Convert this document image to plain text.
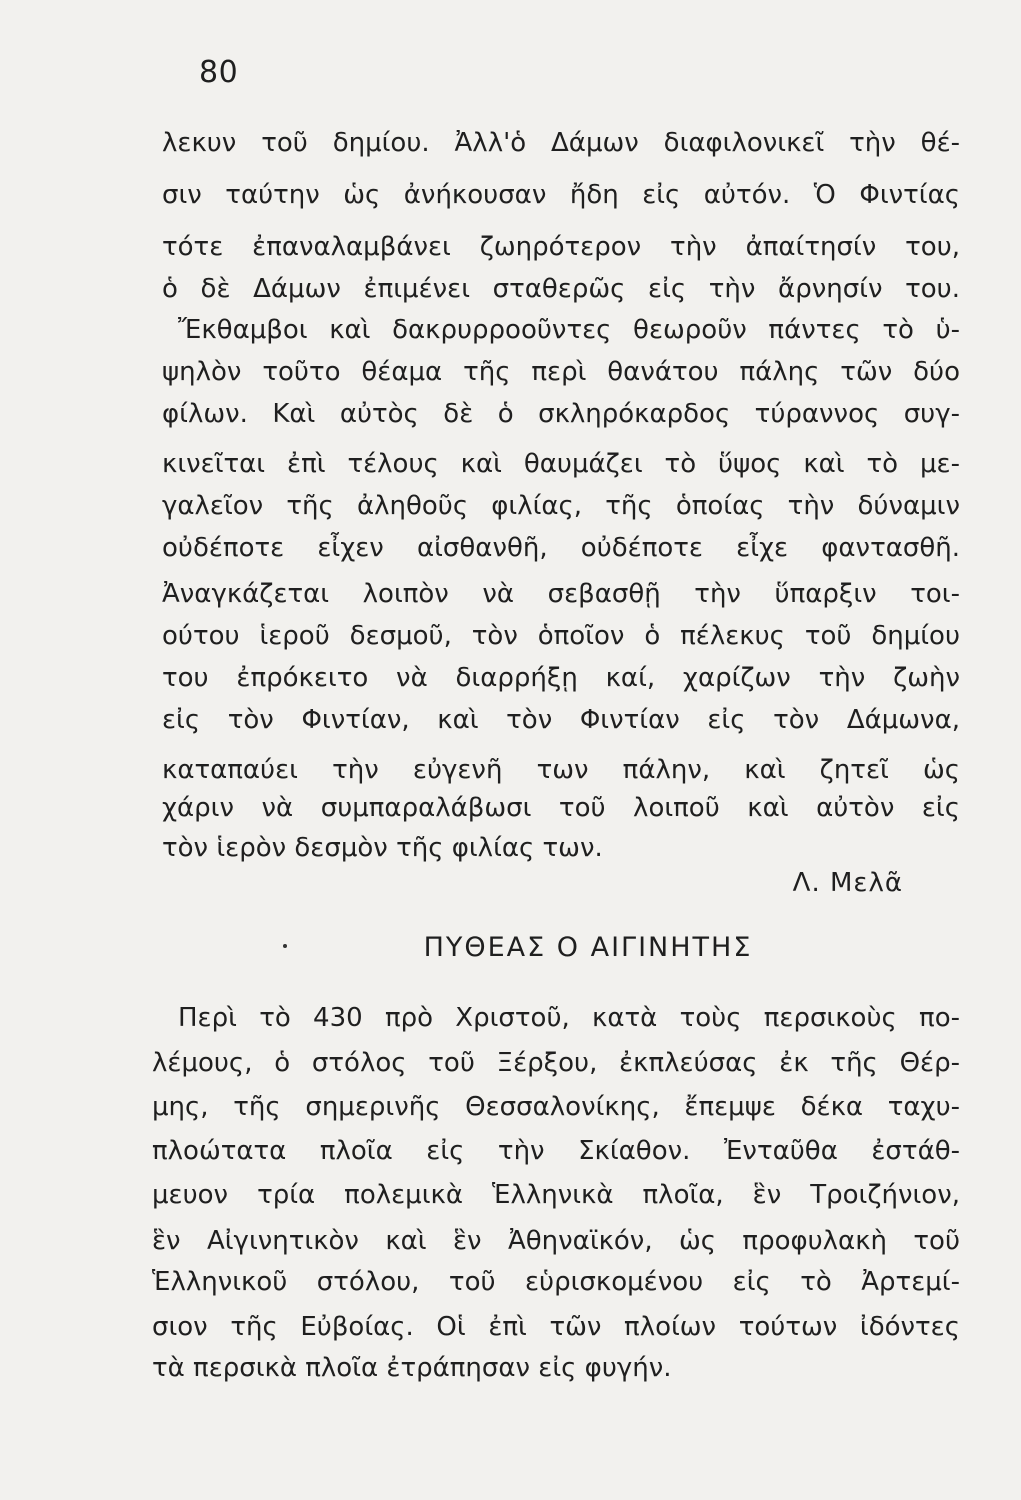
80
λεκυν τοῦ δημίου. Ἀλλ'ὁ Δάμων διαφιλονικεῖ τὴν θέ-
σιν ταύτην ὡς ἀνήκουσαν ἤδη εἰς αὐτόν. Ὁ Φιντίας
τότε ἐπαναλαμβάνει ζωηρότερον τὴν ἀπαίτησίν του,
ὁ δὲ Δάμων ἐπιμένει σταθερῶς εἰς τὴν ἄρνησίν του.
Ἔκθαμβοι καὶ δακρυρροοῦντες θεωροῦν πάντες τὸ ὑ-
ψηλὸν τοῦτο θέαμα τῆς περὶ θανάτου πάλης τῶν δύο
φίλων. Καὶ αὐτὸς δὲ ὁ σκληρόκαρδος τύραννος συγ-
κινεῖται ἐπὶ τέλους καὶ θαυμάζει τὸ ὕψος καὶ τὸ με-
γαλεῖον τῆς ἀληθοῦς φιλίας, τῆς ὁποίας τὴν δύναμιν
οὐδέποτε εἶχεν αἰσθανθῆ, οὐδέποτε εἶχε φαντασθῆ.
Ἀναγκάζεται λοιπὸν νὰ σεβασθῇ τὴν ὕπαρξιν τοι-
ούτου ἱεροῦ δεσμοῦ, τὸν ὁποῖον ὁ πέλεκυς τοῦ δημίου
του ἐπρόκειτο νὰ διαρρήξῃ καί, χαρίζων τὴν ζωὴν
εἰς τὸν Φιντίαν, καὶ τὸν Φιντίαν εἰς τὸν Δάμωνα,
καταπαύει τὴν εὐγενῆ των πάλην, καὶ ζητεῖ ὡς
χάριν νὰ συμπαραλάβωσι τοῦ λοιποῦ καὶ αὐτὸν εἰς
τὸν ἱερὸν δεσμὸν τῆς φιλίας των.
Λ. Μελᾶ
ΠΥΘΕΑΣ Ο ΑΙΓΙΝΗΤΗΣ
Περὶ τὸ 430 πρὸ Χριστοῦ, κατὰ τοὺς περσικοὺς πο-
λέμους, ὁ στόλος τοῦ Ξέρξου, ἐκπλεύσας ἐκ τῆς Θέρ-
μης, τῆς σημερινῆς Θεσσαλονίκης, ἔπεμψε δέκα ταχυ-
πλοώτατα πλοῖα εἰς τὴν Σκίαθον. Ἐνταῦθα ἐστάθ-
μευον τρία πολεμικὰ Ἑλληνικὰ πλοῖα, ἓν Τροιζήνιον,
ἓν Αἰγινητικὸν καὶ ἓν Ἀθηναϊκόν, ὡς προφυλακὴ τοῦ
Ἑλληνικοῦ στόλου, τοῦ εὑρισκομένου εἰς τὸ Ἀρτεμί-
σιον τῆς Εὐβοίας. Οἱ ἐπὶ τῶν πλοίων τούτων ἰδόντες
τὰ περσικὰ πλοῖα ἐτράπησαν εἰς φυγήν.
